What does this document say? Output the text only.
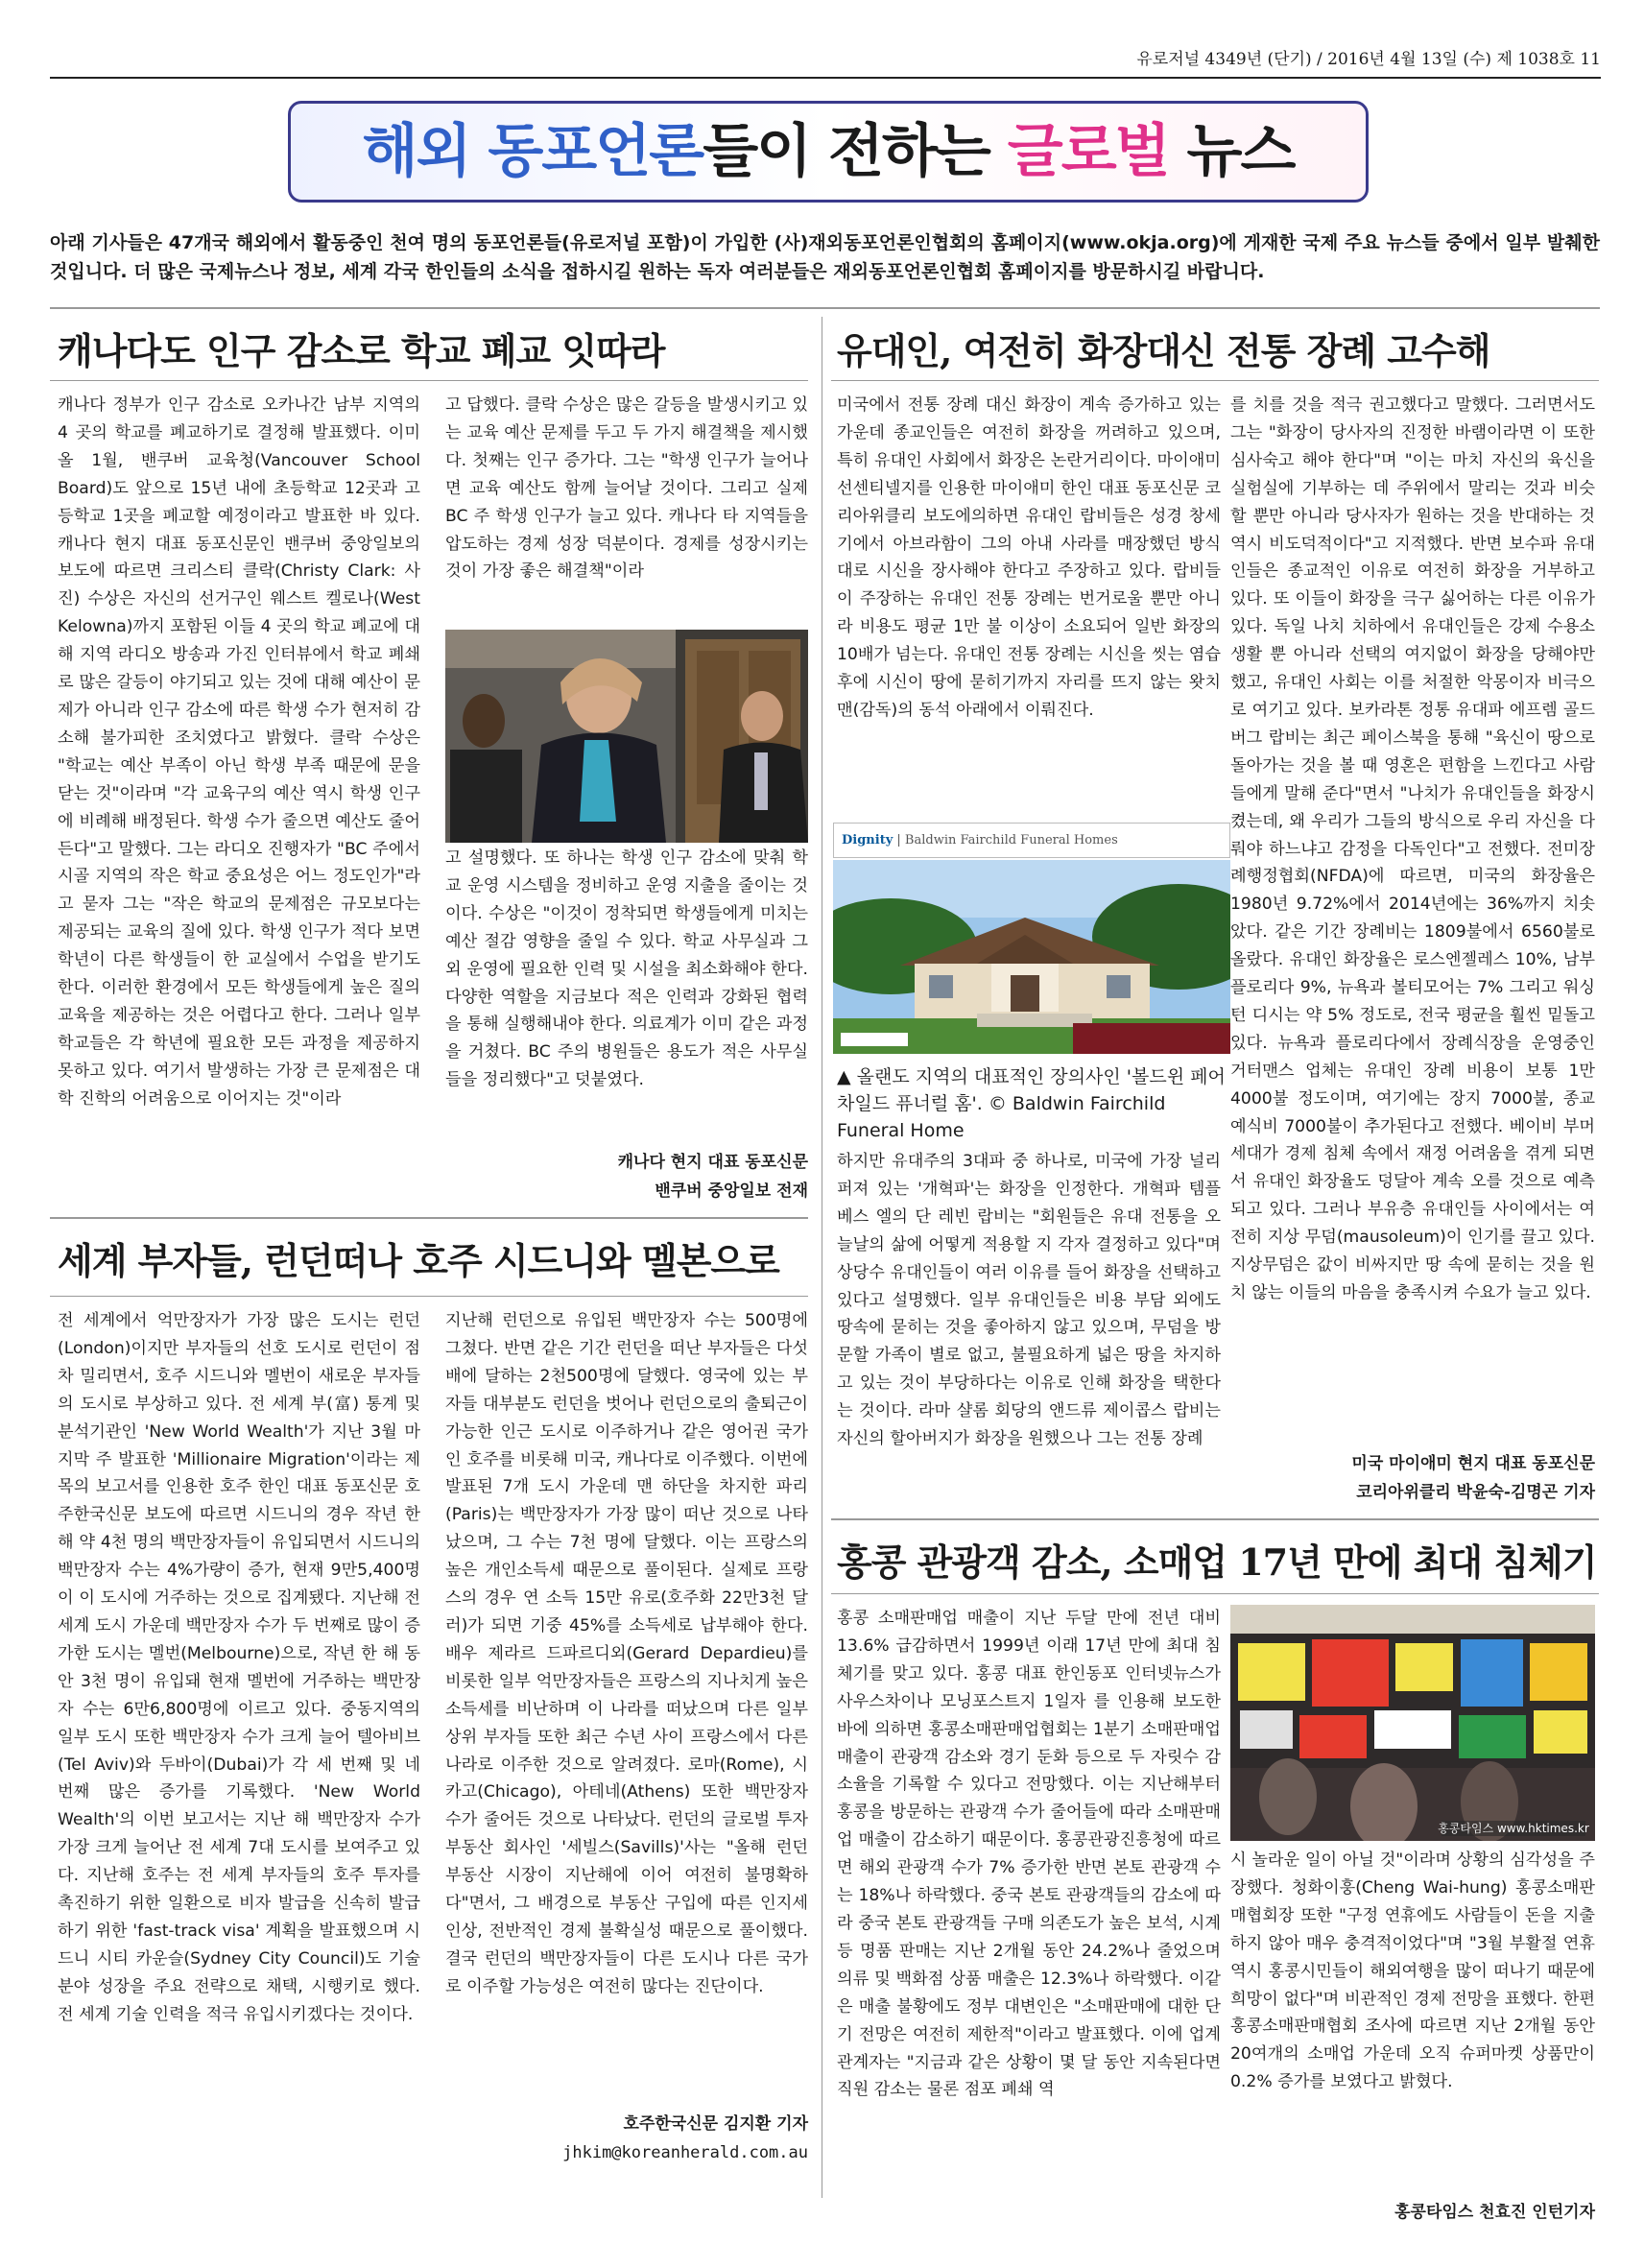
유로저널 4349년 (단기) / 2016년 4월 13일 (수) 제 1038호 11
해외 동포언론들이 전하는 글로벌 뉴스

아래 기사들은 47개국 해외에서 활동중인 천여 명의 동포언론들(유로저널 포함)이 가입한 (사)재외동포언론인협회의 홈페이지(www.okja.org)에 게재한 국제 주요 뉴스들 중에서 일부 발췌한 것입니다. 더 많은 국제뉴스나 정보, 세계 각국 한인들의 소식을 접하시길 원하는 독자 여러분들은 재외동포언론인협회 홈페이지를 방문하시길 바랍니다.

캐나다도 인구 감소로 학교 폐교 잇따라

캐나다 정부가 인구 감소로 오카나간 남부 지역의 4 곳의 학교를 폐교하기로 결정해 발표했다. 이미 올 1월, 밴쿠버 교육청(Vancouver School Board)도 앞으로 15년 내에 초등학교 12곳과 고등학교 1곳을 폐교할 예정이라고 발표한 바 있다. 캐나다 현지 대표 동포신문인 밴쿠버 중앙일보의 보도에 따르면 크리스티 클락(Christy Clark: 사진) 수상은 자신의 선거구인 웨스트 켈로나(West Kelowna)까지 포함된 이들 4 곳의 학교 폐교에 대해 지역 라디오 방송과 가진 인터뷰에서 학교 폐쇄로 많은 갈등이 야기되고 있는 것에 대해 예산이 문제가 아니라 인구 감소에 따른 학생 수가 현저히 감소해 불가피한 조치였다고 밝혔다. 클락 수상은 "학교는 예산 부족이 아닌 학생 부족 때문에 문을 닫는 것"이라며 "각 교육구의 예산 역시 학생 인구에 비례해 배정된다. 학생 수가 줄으면 예산도 줄어든다"고 말했다. 그는 라디오 진행자가 "BC 주에서 시골 지역의 작은 학교 중요성은 어느 정도인가"라고 묻자 그는 "작은 학교의 문제점은 규모보다는 제공되는 교육의 질에 있다. 학생 인구가 적다 보면 학년이 다른 학생들이 한 교실에서 수업을 받기도 한다. 이러한 환경에서 모든 학생들에게 높은 질의 교육을 제공하는 것은 어렵다고 한다. 그러나 일부 학교들은 각 학년에 필요한 모든 과정을 제공하지 못하고 있다. 여기서 발생하는 가장 큰 문제점은 대학 진학의 어려움으로 이어지는 것"이라

고 답했다. 클락 수상은 많은 갈등을 발생시키고 있는 교육 예산 문제를 두고 두 가지 해결책을 제시했다. 첫째는 인구 증가다. 그는 "학생 인구가 늘어나면 교육 예산도 함께 늘어날 것이다. 그리고 실제 BC 주 학생 인구가 늘고 있다. 캐나다 타 지역들을 압도하는 경제 성장 덕분이다. 경제를 성장시키는 것이 가장 좋은 해결책"이라

고 설명했다. 또 하나는 학생 인구 감소에 맞춰 학교 운영 시스템을 정비하고 운영 지출을 줄이는 것이다. 수상은 "이것이 정착되면 학생들에게 미치는 예산 절감 영향을 줄일 수 있다. 학교 사무실과 그 외 운영에 필요한 인력 및 시설을 최소화해야 한다. 다양한 역할을 지금보다 적은 인력과 강화된 협력을 통해 실행해내야 한다. 의료계가 이미 같은 과정을 거쳤다. BC 주의 병원들은 용도가 적은 사무실들을 정리했다"고 덧붙였다.

캐나다 현지 대표 동포신문
밴쿠버 중앙일보 전재
세계 부자들, 런던떠나 호주 시드니와 멜본으로

전 세계에서 억만장자가 가장 많은 도시는 런던(London)이지만 부자들의 선호 도시로 런던이 점차 밀리면서, 호주 시드니와 멜번이 새로운 부자들의 도시로 부상하고 있다. 전 세계 부(富) 통계 및 분석기관인 'New World Wealth'가 지난 3월 마지막 주 발표한 'Millionaire Migration'이라는 제목의 보고서를 인용한 호주 한인 대표 동포신문 호주한국신문 보도에 따르면 시드니의 경우 작년 한 해 약 4천 명의 백만장자들이 유입되면서 시드니의 백만장자 수는 4%가량이 증가, 현재 9만5,400명이 이 도시에 거주하는 것으로 집계됐다. 지난해 전 세계 도시 가운데 백만장자 수가 두 번째로 많이 증가한 도시는 멜번(Melbourne)으로, 작년 한 해 동안 3천 명이 유입돼 현재 멜번에 거주하는 백만장자 수는 6만6,800명에 이르고 있다. 중동지역의 일부 도시 또한 백만장자 수가 크게 늘어 텔아비브(Tel Aviv)와 두바이(Dubai)가 각 세 번째 및 네 번째 많은 증가를 기록했다. 'New World Wealth'의 이번 보고서는 지난 해 백만장자 수가 가장 크게 늘어난 전 세계 7대 도시를 보여주고 있다. 지난해 호주는 전 세계 부자들의 호주 투자를 촉진하기 위한 일환으로 비자 발급을 신속히 발급하기 위한 'fast-track visa' 계획을 발표했으며 시드니 시티 카운슬(Sydney City Council)도 기술 분야 성장을 주요 전략으로 채택, 시행키로 했다. 전 세계 기술 인력을 적극 유입시키겠다는 것이다.

지난해 런던으로 유입된 백만장자 수는 500명에 그쳤다. 반면 같은 기간 런던을 떠난 부자들은 다섯 배에 달하는 2천500명에 달했다. 영국에 있는 부자들 대부분도 런던을 벗어나 런던으로의 출퇴근이 가능한 인근 도시로 이주하거나 같은 영어권 국가인 호주를 비롯해 미국, 캐나다로 이주했다. 이번에 발표된 7개 도시 가운데 맨 하단을 차지한 파리(Paris)는 백만장자가 가장 많이 떠난 것으로 나타났으며, 그 수는 7천 명에 달했다. 이는 프랑스의 높은 개인소득세 때문으로 풀이된다. 실제로 프랑스의 경우 연 소득 15만 유로(호주화 22만3천 달러)가 되면 기중 45%를 소득세로 납부해야 한다. 배우 제라르 드파르디외(Gerard Depardieu)를 비롯한 일부 억만장자들은 프랑스의 지나치게 높은 소득세를 비난하며 이 나라를 떠났으며 다른 일부 상위 부자들 또한 최근 수년 사이 프랑스에서 다른 나라로 이주한 것으로 알려졌다. 로마(Rome), 시카고(Chicago), 아테네(Athens) 또한 백만장자 수가 줄어든 것으로 나타났다. 런던의 글로벌 투자부동산 회사인 '세빌스(Savills)'사는 "올해 런던 부동산 시장이 지난해에 이어 여전히 불명확하다"면서, 그 배경으로 부동산 구입에 따른 인지세 인상, 전반적인 경제 불확실성 때문으로 풀이했다. 결국 런던의 백만장자들이 다른 도시나 다른 국가로 이주할 가능성은 여전히 많다는 진단이다.

호주한국신문 김지환 기자
jhkim@koreanherald.com.au
유대인, 여전히 화장대신 전통 장례 고수해

미국에서 전통 장례 대신 화장이 계속 증가하고 있는 가운데 종교인들은 여전히 화장을 꺼려하고 있으며, 특히 유대인 사회에서 화장은 논란거리이다. 마이애미 선센티넬지를 인용한 마이애미 한인 대표 동포신문 코리아위클리 보도에의하면 유대인 랍비들은 성경 창세기에서 아브라함이 그의 아내 사라를 매장했던 방식 대로 시신을 장사해야 한다고 주장하고 있다. 랍비들이 주장하는 유대인 전통 장례는 번거로울 뿐만 아니라 비용도 평균 1만 불 이상이 소요되어 일반 화장의 10배가 넘는다. 유대인 전통 장례는 시신을 씻는 염습 후에 시신이 땅에 묻히기까지 자리를 뜨지 않는 왓치맨(감독)의 동석 아래에서 이뤄진다.

Dignity | Baldwin Fairchild Funeral Homes
▲ 올랜도 지역의 대표적인 장의사인 '볼드윈 페어차일드 퓨너럴 홈'. © Baldwin Fairchild Funeral Home

하지만 유대주의 3대파 중 하나로, 미국에 가장 널리 퍼져 있는 '개혁파'는 화장을 인정한다. 개혁파 템플 베스 엘의 단 레빈 랍비는 "회원들은 유대 전통을 오늘날의 삶에 어떻게 적용할 지 각자 결정하고 있다"며 상당수 유대인들이 여러 이유를 들어 화장을 선택하고 있다고 설명했다. 일부 유대인들은 비용 부담 외에도 땅속에 묻히는 것을 좋아하지 않고 있으며, 무덤을 방문할 가족이 별로 없고, 불필요하게 넓은 땅을 차지하고 있는 것이 부당하다는 이유로 인해 화장을 택한다는 것이다. 라마 샬롬 회당의 앤드류 제이콥스 랍비는 자신의 할아버지가 화장을 원했으나 그는 전통 장례

를 치를 것을 적극 권고했다고 말했다. 그러면서도 그는 "화장이 당사자의 진정한 바램이라면 이 또한 심사숙고 해야 한다"며 "이는 마치 자신의 육신을 실험실에 기부하는 데 주위에서 말리는 것과 비슷할 뿐만 아니라 당사자가 원하는 것을 반대하는 것 역시 비도덕적이다"고 지적했다. 반면 보수파 유대인들은 종교적인 이유로 여전히 화장을 거부하고 있다. 또 이들이 화장을 극구 싫어하는 다른 이유가 있다. 독일 나치 치하에서 유대인들은 강제 수용소 생활 뿐 아니라 선택의 여지없이 화장을 당해야만 했고, 유대인 사회는 이를 처절한 악몽이자 비극으로 여기고 있다. 보카라톤 정통 유대파 에프렘 골드버그 랍비는 최근 페이스북을 통해 "육신이 땅으로 돌아가는 것을 볼 때 영혼은 편함을 느낀다고 사람들에게 말해 준다"면서 "나치가 유대인들을 화장시켰는데, 왜 우리가 그들의 방식으로 우리 자신을 다뤄야 하느냐고 감정을 다독인다"고 전했다. 전미장례행정협회(NFDA)에 따르면, 미국의 화장율은 1980년 9.72%에서 2014년에는 36%까지 치솟았다. 같은 기간 장례비는 1809불에서 6560불로 올랐다. 유대인 화장율은 로스엔젤레스 10%, 남부플로리다 9%, 뉴욕과 볼티모어는 7% 그리고 워싱턴 디시는 약 5% 정도로, 전국 평균을 훨씬 밑돌고 있다. 뉴욕과 플로리다에서 장례식장을 운영중인 거터맨스 업체는 유대인 장례 비용이 보통 1만 4000불 정도이며, 여기에는 장지 7000불, 종교 예식비 7000불이 추가된다고 전했다. 베이비 부머 세대가 경제 침체 속에서 재정 어려움을 겪게 되면서 유대인 화장율도 덩달아 계속 오를 것으로 예측되고 있다. 그러나 부유층 유대인들 사이에서는 여전히 지상 무덤(mausoleum)이 인기를 끌고 있다. 지상무덤은 값이 비싸지만 땅 속에 묻히는 것을 원치 않는 이들의 마음을 충족시켜 수요가 늘고 있다.

미국 마이애미 현지 대표 동포신문
코리아위클리 박윤숙-김명곤 기자
홍콩 관광객 감소, 소매업 17년 만에 최대 침체기

홍콩 소매판매업 매출이 지난 두달 만에 전년 대비 13.6% 급감하면서 1999년 이래 17년 만에 최대 침체기를 맞고 있다. 홍콩 대표 한인동포 인터넷뉴스가 사우스차이나 모닝포스트지 1일자 를 인용해 보도한 바에 의하면 홍콩소매판매업협회는 1분기 소매판매업 매출이 관광객 감소와 경기 둔화 등으로 두 자릿수 감소율을 기록할 수 있다고 전망했다. 이는 지난해부터 홍콩을 방문하는 관광객 수가 줄어들에 따라 소매판매업 매출이 감소하기 때문이다. 홍콩관광진흥청에 따르면 해외 관광객 수가 7% 증가한 반면 본토 관광객 수는 18%나 하락했다. 중국 본토 관광객들의 감소에 따라 중국 본토 관광객들 구매 의존도가 높은 보석, 시계 등 명품 판매는 지난 2개월 동안 24.2%나 줄었으며 의류 및 백화점 상품 매출은 12.3%나 하락했다. 이같은 매출 불황에도 정부 대변인은 "소매판매에 대한 단기 전망은 여전히 제한적"이라고 발표했다. 이에 업계 관계자는 "지금과 같은 상황이 몇 달 동안 지속된다면 직원 감소는 물론 점포 폐쇄 역

홍콩타임스 www.hktimes.kr

시 놀라운 일이 아닐 것"이라며 상황의 심각성을 주장했다. 청화이훙(Cheng Wai-hung) 홍콩소매판매협회장 또한 "구정 연휴에도 사람들이 돈을 지출하지 않아 매우 충격적이었다"며 "3월 부활절 연휴 역시 홍콩시민들이 해외여행을 많이 떠나기 때문에 희망이 없다"며 비관적인 경제 전망을 표했다. 한편 홍콩소매판매협회 조사에 따르면 지난 2개월 동안 20여개의 소매업 가운데 오직 슈퍼마켓 상품만이 0.2% 증가를 보였다고 밝혔다.

홍콩타임스 천효진 인턴기자
